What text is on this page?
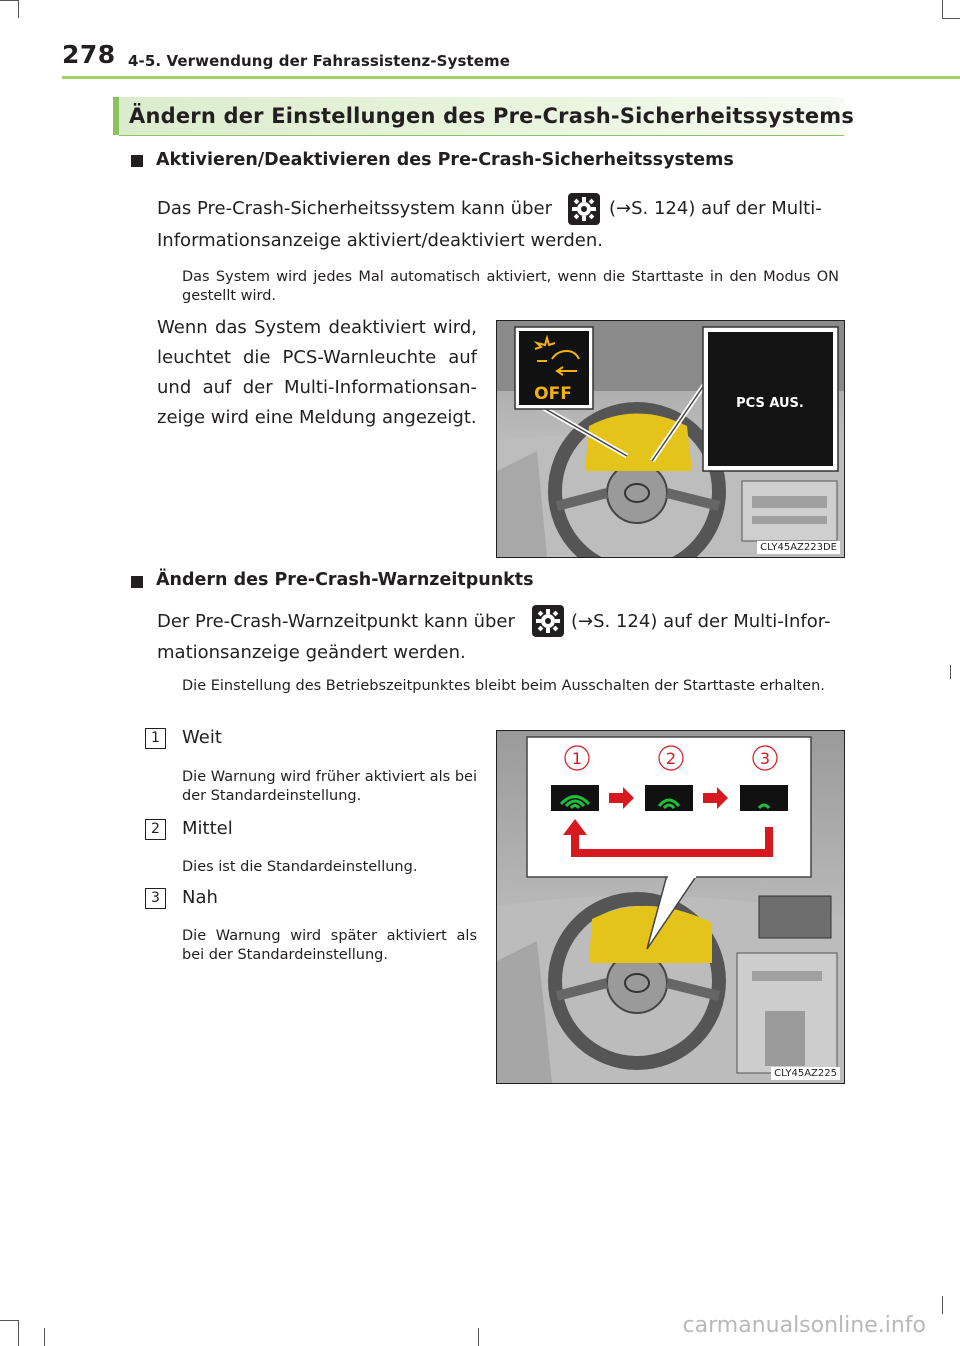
278 4-5. Verwendung der Fahrassistenz-Systeme
Ändern der Einstellungen des Pre-Crash-Sicherheitssystems
Aktivieren/Deaktivieren des Pre-Crash-Sicherheitssystems
Das Pre-Crash-Sicherheitssystem kann über	(→S. 124) auf der Multi-
Informationsanzeige aktiviert/deaktiviert werden.
Das System wird jedes Mal automatisch aktiviert, wenn die Starttaste in den Modus ON gestellt wird.
Wenn das System deaktiviert wird, leuchtet die PCS-Warnleuchte auf und auf der Multi-Informationsanzeige wird eine Meldung angezeigt.
OFF	PCS AUS.
CLY45AZ223DE
Ändern des Pre-Crash-Warnzeitpunkts
Der Pre-Crash-Warnzeitpunkt kann über	(→S. 124) auf der Multi-Infor-
mationsanzeige geändert werden.
Die Einstellung des Betriebszeitpunktes bleibt beim Ausschalten der Starttaste erhalten.
1	Weit
Die Warnung wird früher aktiviert als bei der Standardeinstellung.
2	Mittel
Dies ist die Standardeinstellung.
3	Nah
Die Warnung wird später aktiviert als bei der Standardeinstellung.
1	2	3
CLY45AZ225
carmanualsonline.info
